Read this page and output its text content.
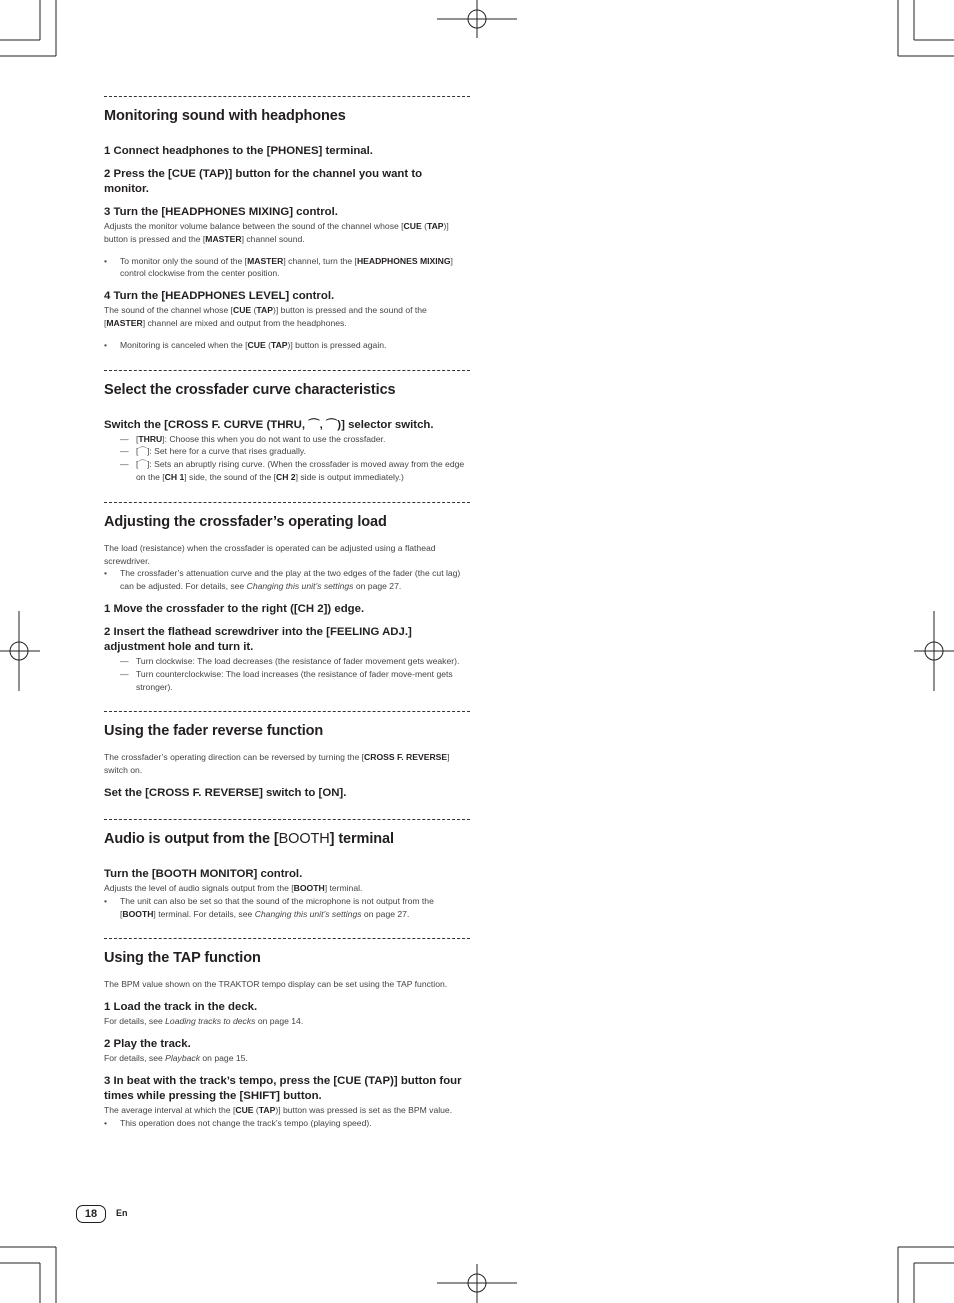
Monitoring sound with headphones
1 Connect headphones to the [PHONES] terminal.
2 Press the [CUE (TAP)] button for the channel you want to monitor.
3 Turn the [HEADPHONES MIXING] control.
Adjusts the monitor volume balance between the sound of the channel whose [CUE (TAP)] button is pressed and the [MASTER] channel sound.
• To monitor only the sound of the [MASTER] channel, turn the [HEADPHONES MIXING] control clockwise from the center position.
4 Turn the [HEADPHONES LEVEL] control.
The sound of the channel whose [CUE (TAP)] button is pressed and the sound of the [MASTER] channel are mixed and output from the headphones.
• Monitoring is canceled when the [CUE (TAP)] button is pressed again.
Select the crossfader curve characteristics
Switch the [CROSS F. CURVE (THRU, ⌒, ⌒)] selector switch.
— [THRU]: Choose this when you do not want to use the crossfader.
— [⌒]: Set here for a curve that rises gradually.
— [⌒]: Sets an abruptly rising curve. (When the crossfader is moved away from the edge on the [CH 1] side, the sound of the [CH 2] side is output immediately.)
Adjusting the crossfader’s operating load
The load (resistance) when the crossfader is operated can be adjusted using a flathead screwdriver.
• The crossfader’s attenuation curve and the play at the two edges of the fader (the cut lag) can be adjusted. For details, see Changing this unit’s settings on page 27.
1 Move the crossfader to the right ([CH 2]) edge.
2 Insert the flathead screwdriver into the [FEELING ADJ.] adjustment hole and turn it.
— Turn clockwise: The load decreases (the resistance of fader movement gets weaker).
— Turn counterclockwise: The load increases (the resistance of fader move-ment gets stronger).
Using the fader reverse function
The crossfader’s operating direction can be reversed by turning the [CROSS F. REVERSE] switch on.
Set the [CROSS F. REVERSE] switch to [ON].
Audio is output from the [BOOTH] terminal
Turn the [BOOTH MONITOR] control.
Adjusts the level of audio signals output from the [BOOTH] terminal.
• The unit can also be set so that the sound of the microphone is not output from the [BOOTH] terminal. For details, see Changing this unit’s settings on page 27.
Using the TAP function
The BPM value shown on the TRAKTOR tempo display can be set using the TAP function.
1 Load the track in the deck.
For details, see Loading tracks to decks on page 14.
2 Play the track.
For details, see Playback on page 15.
3 In beat with the track’s tempo, press the [CUE (TAP)] button four times while pressing the [SHIFT] button.
The average interval at which the [CUE (TAP)] button was pressed is set as the BPM value.
• This operation does not change the track’s tempo (playing speed).
18	En
